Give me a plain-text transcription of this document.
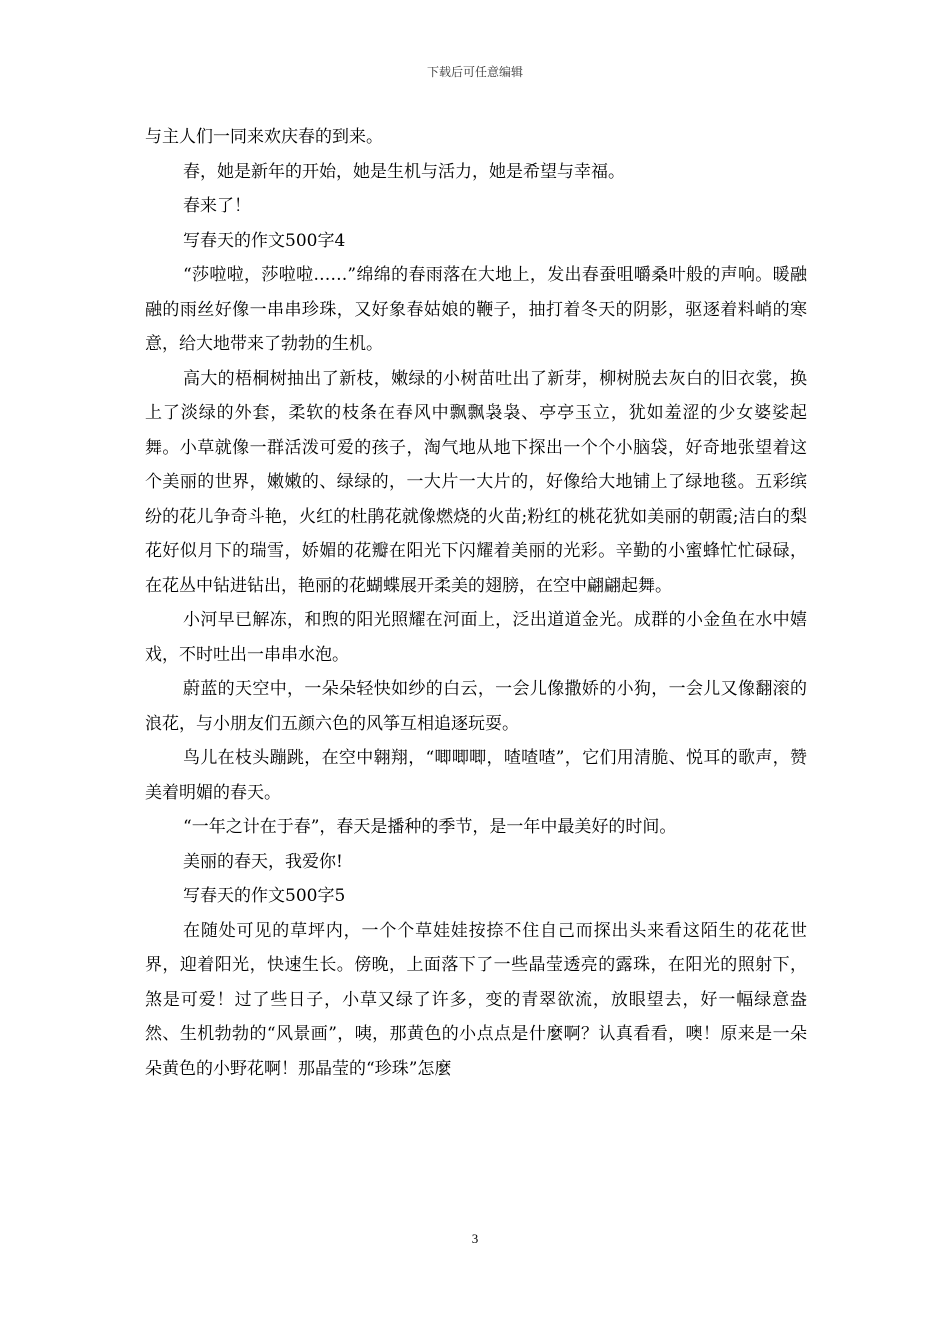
下载后可任意编辑

与主人们一同来欢庆春的到来。

春，她是新年的开始，她是生机与活力，她是希望与幸福。

春来了！

写春天的作文500字4

“莎啦啦，莎啦啦……”绵绵的春雨落在大地上，发出春蚕咀嚼桑叶般的声响。暖融融的雨丝好像一串串珍珠，又好象春姑娘的鞭子，抽打着冬天的阴影，驱逐着料峭的寒意，给大地带来了勃勃的生机。

高大的梧桐树抽出了新枝，嫩绿的小树苗吐出了新芽，柳树脱去灰白的旧衣裳，换上了淡绿的外套，柔软的枝条在春风中飘飘袅袅、亭亭玉立，犹如羞涩的少女婆娑起舞。小草就像一群活泼可爱的孩子，淘气地从地下探出一个个小脑袋，好奇地张望着这个美丽的世界，嫩嫩的、绿绿的，一大片一大片的，好像给大地铺上了绿地毯。五彩缤纷的花儿争奇斗艳，火红的杜鹃花就像燃烧的火苗;粉红的桃花犹如美丽的朝霞;洁白的梨花好似月下的瑞雪，娇媚的花瓣在阳光下闪耀着美丽的光彩。辛勤的小蜜蜂忙忙碌碌，在花丛中钻进钻出，艳丽的花蝴蝶展开柔美的翅膀，在空中翩翩起舞。

小河早已解冻，和煦的阳光照耀在河面上，泛出道道金光。成群的小金鱼在水中嬉戏，不时吐出一串串水泡。

蔚蓝的天空中，一朵朵轻快如纱的白云，一会儿像撒娇的小狗，一会儿又像翻滚的浪花，与小朋友们五颜六色的风筝互相追逐玩耍。

鸟儿在枝头蹦跳，在空中翱翔，“唧唧唧，喳喳喳”，它们用清脆、悦耳的歌声，赞美着明媚的春天。

“一年之计在于春”，春天是播种的季节，是一年中最美好的时间。

美丽的春天，我爱你!

写春天的作文500字5

在随处可见的草坪内，一个个草娃娃按捺不住自己而探出头来看这陌生的花花世界，迎着阳光，快速生长。傍晚，上面落下了一些晶莹透亮的露珠，在阳光的照射下，煞是可爱！过了些日子，小草又绿了许多，变的青翠欲流，放眼望去，好一幅绿意盎然、生机勃勃的“风景画”，咦，那黄色的小点点是什麼啊？认真看看，噢！原来是一朵朵黄色的小野花啊！那晶莹的“珍珠”怎麼

3
